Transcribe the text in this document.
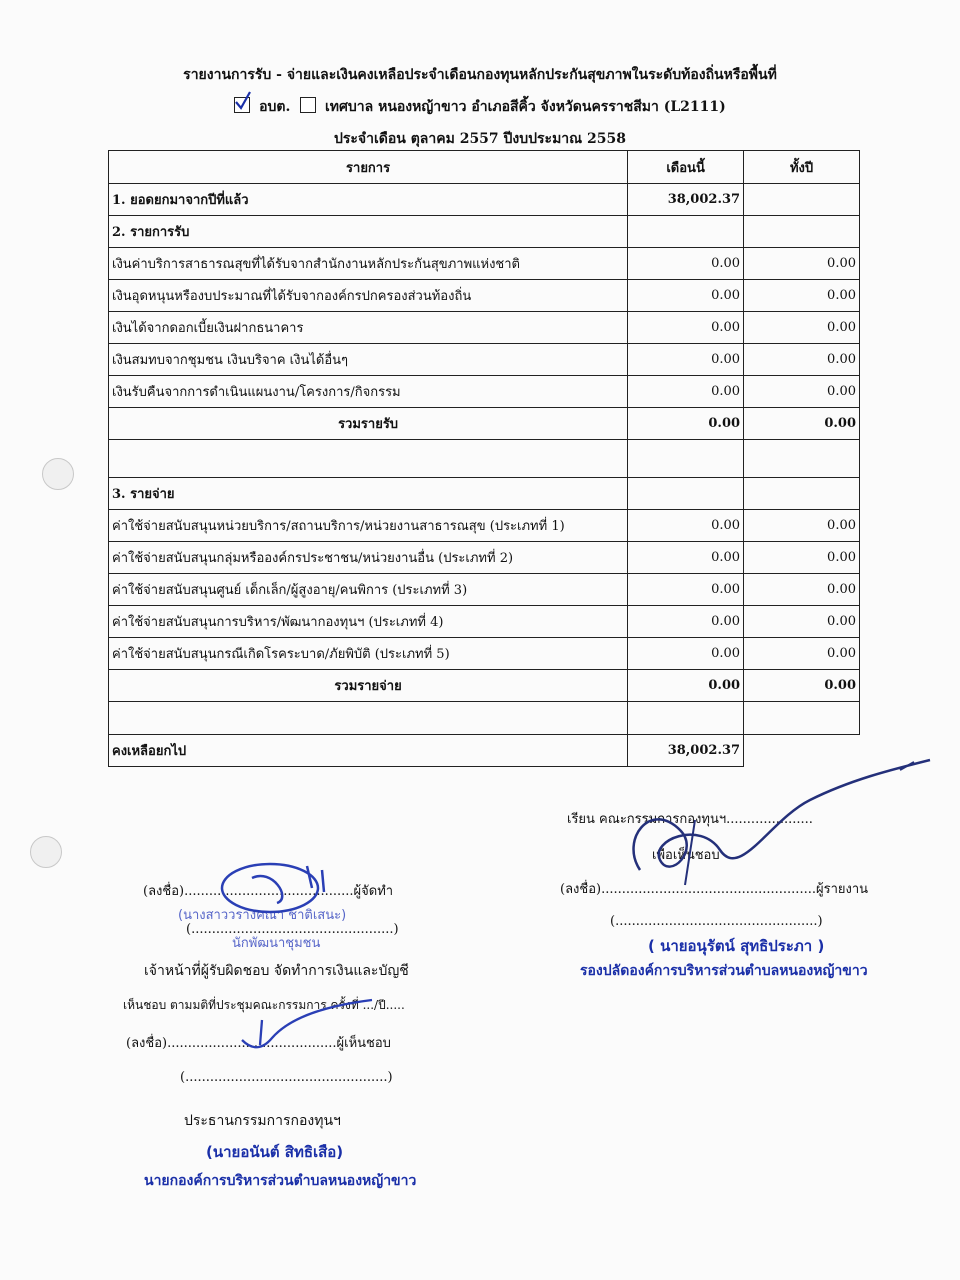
รายงานการรับ - จ่ายและเงินคงเหลือประจำเดือนกองทุนหลักประกันสุขภาพในระดับท้องถิ่นหรือพื้นที่
อบต. เทศบาล หนองหญ้าขาว อำเภอสีคิ้ว จังหวัดนครราชสีมา (L2111)
ประจำเดือน ตุลาคม 2557 ปีงบประมาณ 2558
รายการ	เดือนนี้	ทั้งปี
1. ยอดยกมาจากปีที่แล้ว	38,002.37	
2. รายการรับ		
เงินค่าบริการสาธารณสุขที่ได้รับจากสำนักงานหลักประกันสุขภาพแห่งชาติ	0.00	0.00
เงินอุดหนุนหรืองบประมาณที่ได้รับจากองค์กรปกครองส่วนท้องถิ่น	0.00	0.00
เงินได้จากดอกเบี้ยเงินฝากธนาคาร	0.00	0.00
เงินสมทบจากชุมชน เงินบริจาค เงินได้อื่นๆ	0.00	0.00
เงินรับคืนจากการดำเนินแผนงาน/โครงการ/กิจกรรม	0.00	0.00
รวมรายรับ	0.00	0.00

3. รายจ่าย		
ค่าใช้จ่ายสนับสนุนหน่วยบริการ/สถานบริการ/หน่วยงานสาธารณสุข (ประเภทที่ 1)	0.00	0.00
ค่าใช้จ่ายสนับสนุนกลุ่มหรือองค์กรประชาชน/หน่วยงานอื่น (ประเภทที่ 2)	0.00	0.00
ค่าใช้จ่ายสนับสนุนศูนย์ เด็กเล็ก/ผู้สูงอายุ/คนพิการ (ประเภทที่ 3)	0.00	0.00
ค่าใช้จ่ายสนับสนุนการบริหาร/พัฒนากองทุนฯ (ประเภทที่ 4)	0.00	0.00
ค่าใช้จ่ายสนับสนุนกรณีเกิดโรคระบาด/ภัยพิบัติ (ประเภทที่ 5)	0.00	0.00
รวมรายจ่าย	0.00	0.00

คงเหลือยกไป	38,002.37	
เรียน คณะกรรมการกองทุนฯ.....................
เพื่อเห็นชอบ
(ลงชื่อ)....................................................ผู้รายงาน
(.................................................)
( นายอนุรัตน์ สุทธิประภา )
รองปลัดองค์การบริหารส่วนตำบลหนองหญ้าขาว
(ลงชื่อ).........................................ผู้จัดทำ
(นางสาววรางคณา ชาติเสนะ)
(.................................................)
นักพัฒนาชุมชน
เจ้าหน้าที่ผู้รับผิดชอบ จัดทำการเงินและบัญชี
เห็นชอบ ตามมติที่ประชุมคณะกรรมการ ครั้งที่ .../ปี.....
(ลงชื่อ).........................................ผู้เห็นชอบ
(.................................................)
ประธานกรรมการกองทุนฯ
(นายอนันต์ สิทธิเสือ)
นายกองค์การบริหารส่วนตำบลหนองหญ้าขาว
